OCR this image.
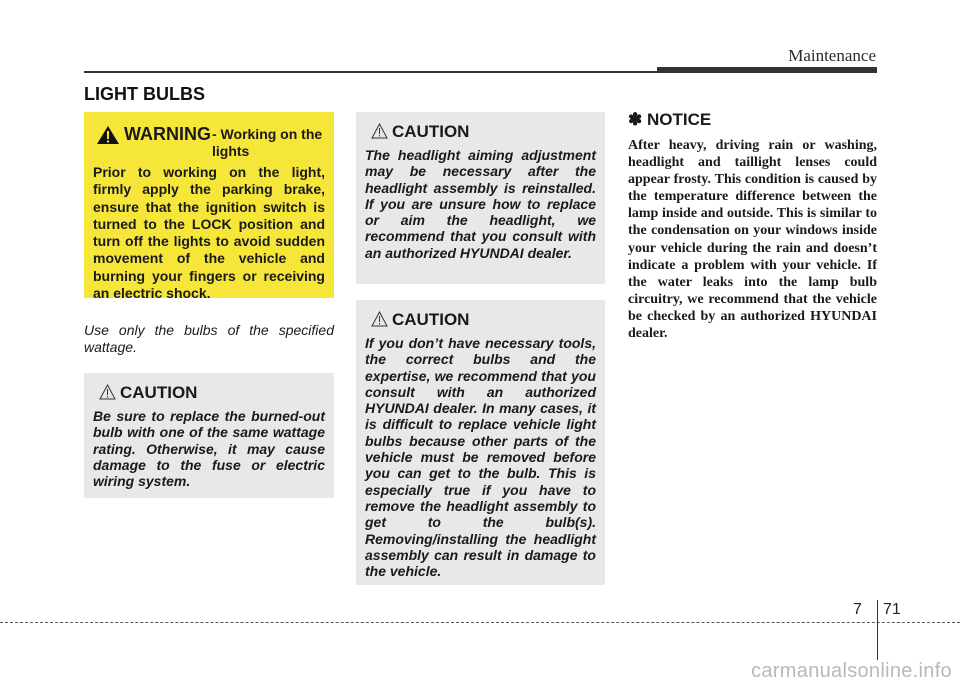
Maintenance
LIGHT BULBS
WARNING - Working on the lights
Prior to working on the light, firmly apply the parking brake, ensure that the ignition switch is turned to the LOCK position and turn off the lights to avoid sudden movement of the vehicle and burning your fingers or receiving an electric shock.
Use only the bulbs of the specified wattage.
CAUTION
Be sure to replace the burned-out bulb with one of the same wattage rating. Otherwise, it may cause damage to the fuse or electric wiring system.
CAUTION
The headlight aiming adjustment may be necessary after the headlight assembly is reinstalled. If you are unsure how to replace or aim the headlight, we recommend that you consult with an authorized HYUNDAI dealer.
CAUTION
If you don’t have necessary tools, the correct bulbs and the expertise, we recommend that you consult with an authorized HYUNDAI dealer. In many cases, it is difficult to replace vehicle light bulbs because other parts of the vehicle must be removed before you can get to the bulb. This is especially true if you have to remove the headlight assembly to get to the bulb(s). Removing/installing the headlight assembly can result in damage to the vehicle.
✽ NOTICE
After heavy, driving rain or washing, headlight and taillight lenses could appear frosty. This condition is caused by the temperature difference between the lamp inside and outside. This is similar to the condensation on your windows inside your vehicle during the rain and doesn’t indicate a problem with your vehicle. If the water leaks into the lamp bulb circuitry, we recommend that the vehicle be checked by an authorized HYUNDAI dealer.
7 71
carmanualsonline.info
